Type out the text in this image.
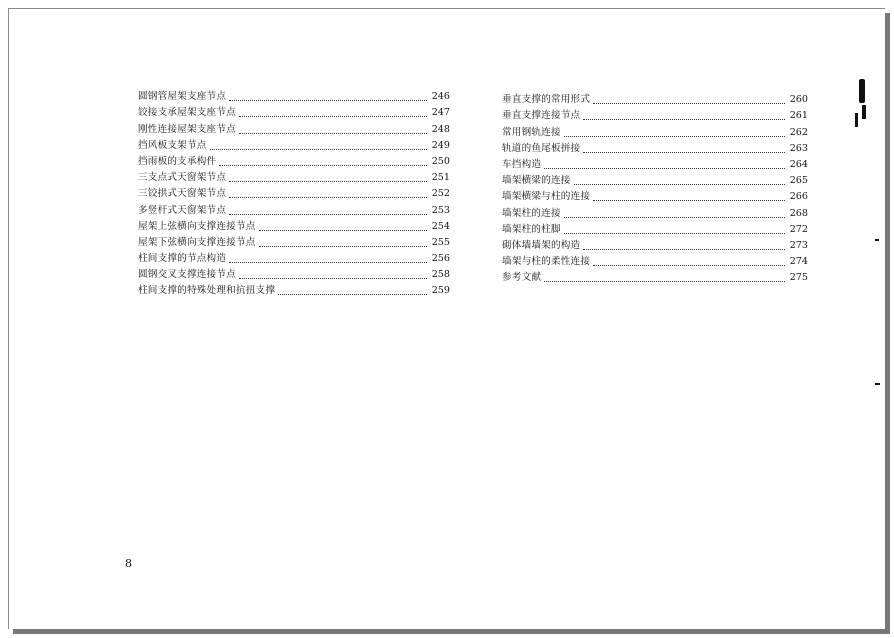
圆钢管屋架支座节点	246
铰接支承屋架支座节点	247
刚性连接屋架支座节点	248
挡风板支架节点	249
挡雨板的支承构件	250
三支点式天窗架节点	251
三铰拱式天窗架节点	252
多竖杆式天窗架节点	253
屋架上弦横向支撑连接节点	254
屋架下弦横向支撑连接节点	255
柱间支撑的节点构造	256
圆钢交叉支撑连接节点	258
柱间支撑的特殊处理和抗扭支撑	259
垂直支撑的常用形式	260
垂直支撑连接节点	261
常用钢轨连接	262
轨道的鱼尾板拼接	263
车挡构造	264
墙架横梁的连接	265
墙架横梁与柱的连接	266
墙架柱的连接	268
墙架柱的柱脚	272
砌体墙墙架的构造	273
墙架与柱的柔性连接	274
参考文献	275
8
